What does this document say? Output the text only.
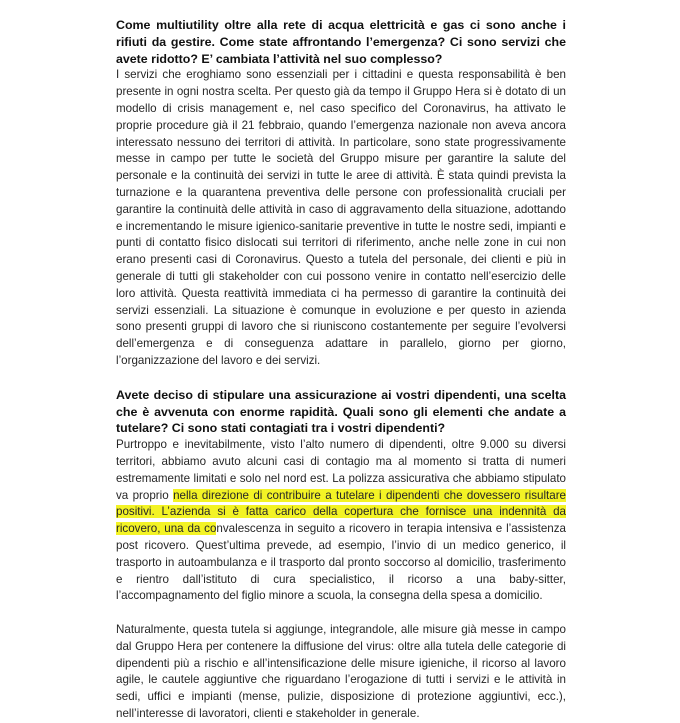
Come multiutility oltre alla rete di acqua elettricità e gas ci sono anche i rifiuti da gestire. Come state affrontando l’emergenza? Ci sono servizi che avete ridotto? E’ cambiata l’attività nel suo complesso?

I servizi che eroghiamo sono essenziali per i cittadini e questa responsabilità è ben presente in ogni nostra scelta. Per questo già da tempo il Gruppo Hera si è dotato di un modello di crisis management e, nel caso specifico del Coronavirus, ha attivato le proprie procedure già il 21 febbraio, quando l’emergenza nazionale non aveva ancora interessato nessuno dei territori di attività. In particolare, sono state progressivamente messe in campo per tutte le società del Gruppo misure per garantire la salute del personale e la continuità dei servizi in tutte le aree di attività. È stata quindi prevista la turnazione e la quarantena preventiva delle persone con professionalità cruciali per garantire la continuità delle attività in caso di aggravamento della situazione, adottando e incrementando le misure igienico-sanitarie preventive in tutte le nostre sedi, impianti e punti di contatto fisico dislocati sui territori di riferimento, anche nelle zone in cui non erano presenti casi di Coronavirus. Questo a tutela del personale, dei clienti e più in generale di tutti gli stakeholder con cui possono venire in contatto nell’esercizio delle loro attività. Questa reattività immediata ci ha permesso di garantire la continuità dei servizi essenziali. La situazione è comunque in evoluzione e per questo in azienda sono presenti gruppi di lavoro che si riuniscono costantemente per seguire l’evolversi dell’emergenza e di conseguenza adattare in parallelo, giorno per giorno, l’organizzazione del lavoro e dei servizi.

Avete deciso di stipulare una assicurazione ai vostri dipendenti, una scelta che è avvenuta con enorme rapidità. Quali sono gli elementi che andate a tutelare? Ci sono stati contagiati tra i vostri dipendenti?

Purtroppo e inevitabilmente, visto l’alto numero di dipendenti, oltre 9.000 su diversi territori, abbiamo avuto alcuni casi di contagio ma al momento si tratta di numeri estremamente limitati e solo nel nord est. La polizza assicurativa che abbiamo stipulato va proprio nella direzione di contribuire a tutelare i dipendenti che dovessero risultare positivi. L’azienda si è fatta carico della copertura che fornisce una indennità da ricovero, una da convalescenza in seguito a ricovero in terapia intensiva e l’assistenza post ricovero. Quest’ultima prevede, ad esempio, l’invio di un medico generico, il trasporto in autoambulanza e il trasporto dal pronto soccorso al domicilio, trasferimento e rientro dall’istituto di cura specialistico, il ricorso a una baby-sitter, l’accompagnamento del figlio minore a scuola, la consegna della spesa a domicilio.

Naturalmente, questa tutela si aggiunge, integrandole, alle misure già messe in campo dal Gruppo Hera per contenere la diffusione del virus: oltre alla tutela delle categorie di dipendenti più a rischio e all’intensificazione delle misure igieniche, il ricorso al lavoro agile, le cautele aggiuntive che riguardano l’erogazione di tutti i servizi e le attività in sedi, uffici e impianti (mense, pulizie, disposizione di protezione aggiuntivi, ecc.), nell’interesse di lavoratori, clienti e stakeholder in generale.
